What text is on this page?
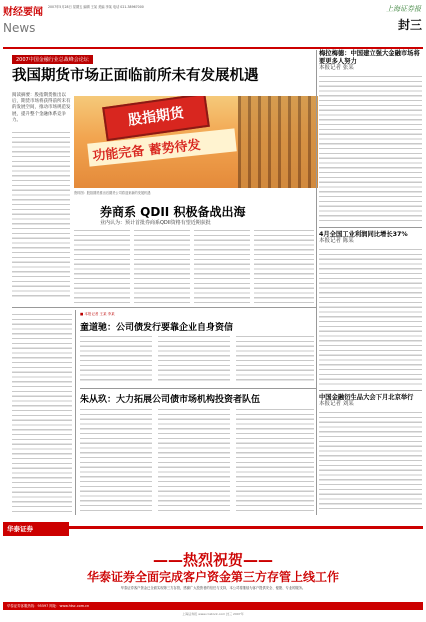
财经要闻
News
2007年5月28日 星期五 编辑 王某 美编 李某 电话 021-38967000	上海证券报
封三
2007中国金融行业总裁峰会论坛
我国期货市场正面临前所未有发展机遇
阅读摘要：股指期货推出以后，期货市场将获得前所未有的发展空间，推动市场规范发展，提升整个金融体系竞争力。	股指期货
功能完备 蓄势待发
资料图：股指期货推出后期货公司将迎来新的发展机遇
券商系 QDII 积极备战出海
业内认为：预计首批券商系QDII资格有望近期获批
■ 本报记者 王某 李某
童道驰：公司债发行要靠企业自身资信
朱从玖：大力拓展公司债市场机构投资者队伍
梅拉梅德：中国建立强大金融市场将要更多人努力
本报记者 张某
4月全国工业利润同比增长37%
本报记者 陈某
中国金融衍生品大会下月北京举行
本报记者 刘某
华泰证券
——热烈祝贺——
华泰证券全面完成客户资金第三方存管上线工作
华泰证券客户资金已全面实现第三方存管，感谢广大投资者的信任与支持，本公司将继续为客户提供安全、便捷、专业的服务。
华泰证券客服热线：95597 网址：www.htsc.com.cn
上海证券报 www.cnstock.com 封三 2007年
